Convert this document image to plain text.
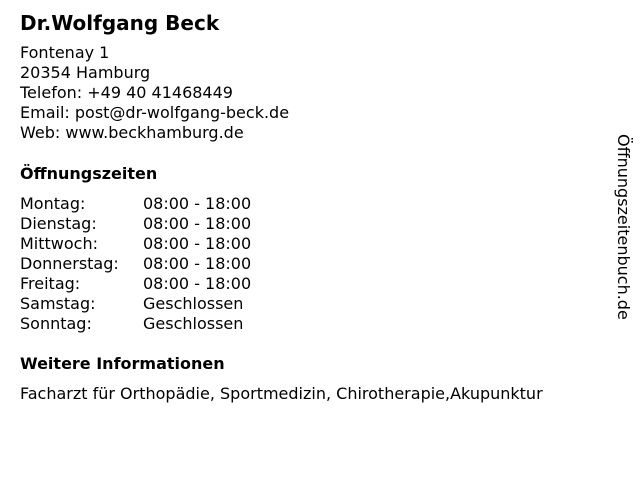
Dr.Wolfgang Beck
Fontenay 1
20354 Hamburg
Telefon: +49 40 41468449
Email: post@dr-wolfgang-beck.de
Web: www.beckhamburg.de
Öffnungszeiten
Montag:	08:00 - 18:00
Dienstag:	08:00 - 18:00
Mittwoch:	08:00 - 18:00
Donnerstag: 08:00 - 18:00
Freitag:	08:00 - 18:00
Samstag:	Geschlossen
Sonntag:	Geschlossen
Weitere Informationen
Facharzt für Orthopädie, Sportmedizin, Chirotherapie,Akupunktur
Öffnungszeitenbuch.de
